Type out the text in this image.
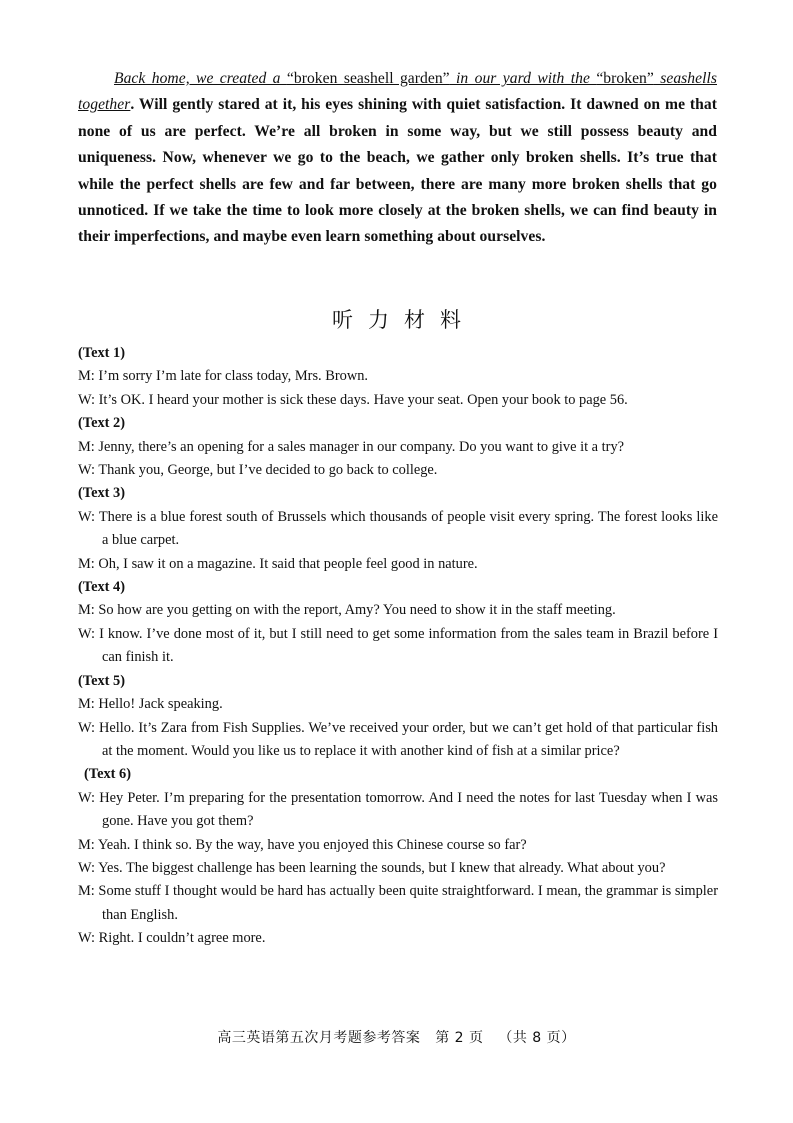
Back home, we created a “broken seashell garden” in our yard with the “broken” seashells together. Will gently stared at it, his eyes shining with quiet satisfaction. It dawned on me that none of us are perfect. We’re all broken in some way, but we still possess beauty and uniqueness. Now, whenever we go to the beach, we gather only broken shells. It’s true that while the perfect shells are few and far between, there are many more broken shells that go unnoticed. If we take the time to look more closely at the broken shells, we can find beauty in their imperfections, and maybe even learn something about ourselves.

听力材料

(Text 1)

M: I’m sorry I’m late for class today, Mrs. Brown.

W: It’s OK. I heard your mother is sick these days. Have your seat. Open your book to page 56.

(Text 2)

M: Jenny, there’s an opening for a sales manager in our company. Do you want to give it a try?

W: Thank you, George, but I’ve decided to go back to college.

(Text 3)

W: There is a blue forest south of Brussels which thousands of people visit every spring. The forest looks like a blue carpet.

M: Oh, I saw it on a magazine. It said that people feel good in nature.

(Text 4)

M: So how are you getting on with the report, Amy? You need to show it in the staff meeting.

W: I know. I’ve done most of it, but I still need to get some information from the sales team in Brazil before I can finish it.

(Text 5)

M: Hello! Jack speaking.

W: Hello. It’s Zara from Fish Supplies. We’ve received your order, but we can’t get hold of that particular fish at the moment. Would you like us to replace it with another kind of fish at a similar price?

(Text 6)

W: Hey Peter. I’m preparing for the presentation tomorrow. And I need the notes for last Tuesday when I was gone. Have you got them?

M: Yeah. I think so. By the way, have you enjoyed this Chinese course so far?

W: Yes. The biggest challenge has been learning the sounds, but I knew that already. What about you?

M: Some stuff I thought would be hard has actually been quite straightforward. I mean, the grammar is simpler than English.

W: Right. I couldn’t agree more.

高三英语第五次月考题参考答案 第 2 页 （共 8 页）
